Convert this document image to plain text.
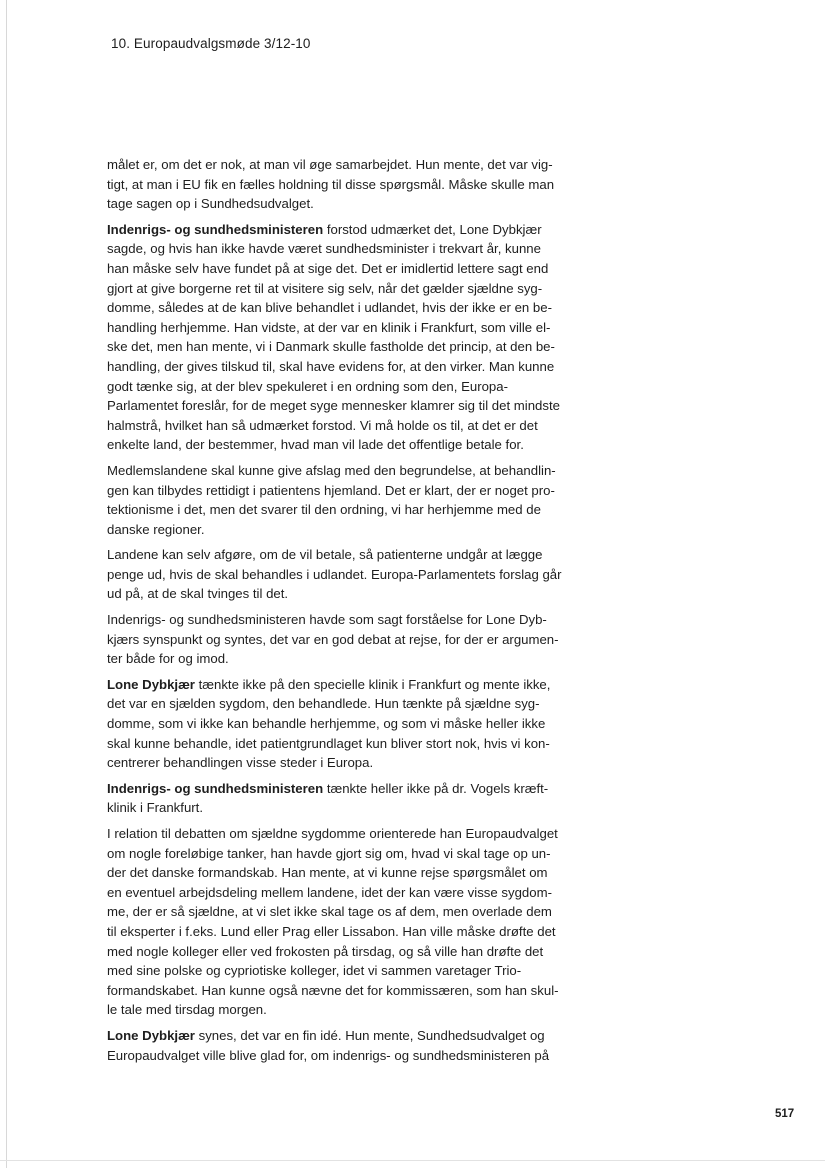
10. Europaudvalgsmøde 3/12-10
målet er, om det er nok, at man vil øge samarbejdet. Hun mente, det var vig-
tigt, at man i EU fik en fælles holdning til disse spørgsmål. Måske skulle man
tage sagen op i Sundhedsudvalget.
Indenrigs- og sundhedsministeren forstod udmærket det, Lone Dybkjær
sagde, og hvis han ikke havde været sundhedsminister i trekvart år, kunne
han måske selv have fundet på at sige det. Det er imidlertid lettere sagt end
gjort at give borgerne ret til at visitere sig selv, når det gælder sjældne syg-
domme, således at de kan blive behandlet i udlandet, hvis der ikke er en be-
handling herhjemme. Han vidste, at der var en klinik i Frankfurt, som ville el-
ske det, men han mente, vi i Danmark skulle fastholde det princip, at den be-
handling, der gives tilskud til, skal have evidens for, at den virker. Man kunne
godt tænke sig, at der blev spekuleret i en ordning som den, Europa-
Parlamentet foreslår, for de meget syge mennesker klamrer sig til det mindste
halmstrå, hvilket han så udmærket forstod. Vi må holde os til, at det er det
enkelte land, der bestemmer, hvad man vil lade det offentlige betale for.
Medlemslandene skal kunne give afslag med den begrundelse, at behandlin-
gen kan tilbydes rettidigt i patientens hjemland. Det er klart, der er noget pro-
tektionisme i det, men det svarer til den ordning, vi har herhjemme med de
danske regioner.
Landene kan selv afgøre, om de vil betale, så patienterne undgår at lægge
penge ud, hvis de skal behandles i udlandet. Europa-Parlamentets forslag går
ud på, at de skal tvinges til det.
Indenrigs- og sundhedsministeren havde som sagt forståelse for Lone Dyb-
kjærs synspunkt og syntes, det var en god debat at rejse, for der er argumen-
ter både for og imod.
Lone Dybkjær tænkte ikke på den specielle klinik i Frankfurt og mente ikke,
det var en sjælden sygdom, den behandlede. Hun tænkte på sjældne syg-
domme, som vi ikke kan behandle herhjemme, og som vi måske heller ikke
skal kunne behandle, idet patientgrundlaget kun bliver stort nok, hvis vi kon-
centrerer behandlingen visse steder i Europa.
Indenrigs- og sundhedsministeren tænkte heller ikke på dr. Vogels kræft-
klinik i Frankfurt.
I relation til debatten om sjældne sygdomme orienterede han Europaudvalget
om nogle foreløbige tanker, han havde gjort sig om, hvad vi skal tage op un-
der det danske formandskab. Han mente, at vi kunne rejse spørgsmålet om
en eventuel arbejdsdeling mellem landene, idet der kan være visse sygdom-
me, der er så sjældne, at vi slet ikke skal tage os af dem, men overlade dem
til eksperter i f.eks. Lund eller Prag eller Lissabon. Han ville måske drøfte det
med nogle kolleger eller ved frokosten på tirsdag, og så ville han drøfte det
med sine polske og cypriotiske kolleger, idet vi sammen varetager Trio-
formandskabet. Han kunne også nævne det for kommissæren, som han skul-
le tale med tirsdag morgen.
Lone Dybkjær synes, det var en fin idé. Hun mente, Sundhedsudvalget og
Europaudvalget ville blive glad for, om indenrigs- og sundhedsministeren på
517
